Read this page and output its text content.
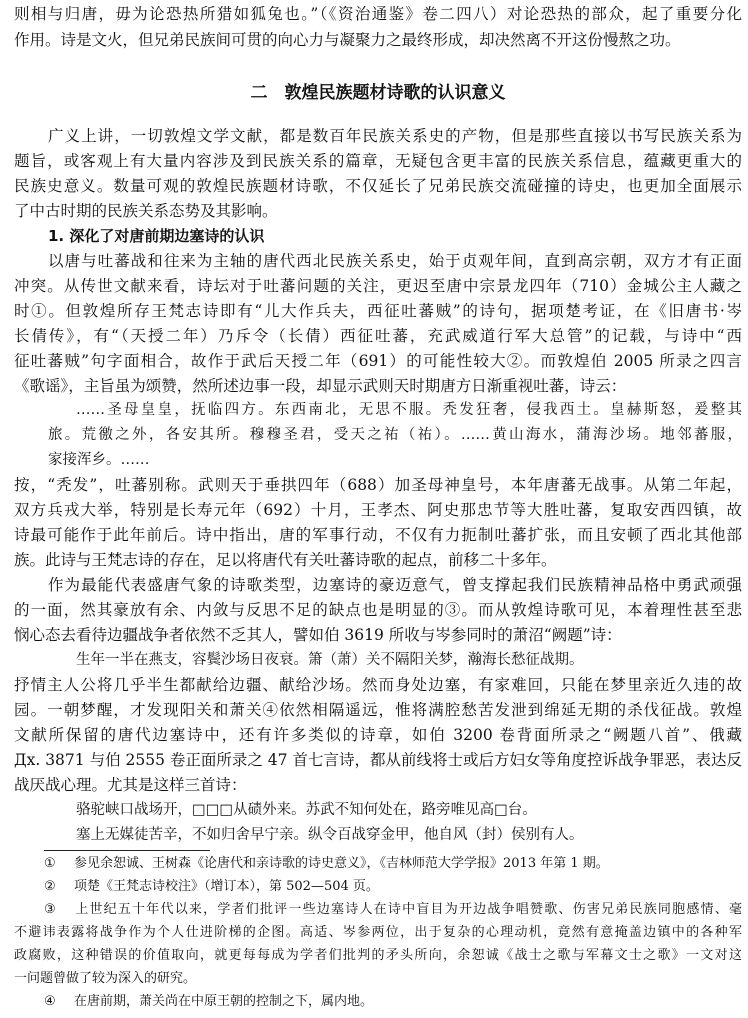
则相与归唐，毋为论恐热所猎如狐兔也。”（《资治通鉴》卷二四八）对论恐热的部众，起了重要分化
作用。诗是文火，但兄弟民族间可贯的向心力与凝聚力之最终形成，却决然离不开这份慢熬之功。
广义上讲，一切敦煌文学文献，都是数百年民族关系史的产物，但是那些直接以书写民族关系为
题旨，或客观上有大量内容涉及到民族关系的篇章，无疑包含更丰富的民族关系信息，蕴藏更重大的
民族史意义。数量可观的敦煌民族题材诗歌，不仅延长了兄弟民族交流碰撞的诗史，也更加全面展示
了中古时期的民族关系态势及其影响。
以唐与吐蕃战和往来为主轴的唐代西北民族关系史，始于贞观年间，直到高宗朝，双方才有正面
冲突。从传世文献来看，诗坛对于吐蕃问题的关注，更迟至唐中宗景龙四年（710）金城公主人藏之
时①。但敦煌所存王梵志诗即有“儿大作兵夫，西征吐蕃贼”的诗句，据项楚考证，在《旧唐书·岑
长倩传》，有“（天授二年）乃斥令（长倩）西征吐蕃，充武威道行军大总管”的记载，与诗中“西
征吐蕃贼”句字面相合，故作于武后天授二年（691）的可能性较大②。而敦煌伯 2005 所录之四言
《歌谣》，主旨虽为颂赞，然所述边事一段，却显示武则天时期唐方日渐重视吐蕃，诗云：
……圣母皇皇，抚临四方。东西南北，无思不服。秃发狂奢，侵我西土。皇赫斯怒，爰整其
旅。荒徼之外，各安其所。穆穆圣君，受天之祐（祐）。……黄山海水，蒲海沙场。地邻蕃服，
家接浑乡。……
按，“秃发”，吐蕃别称。武则天于垂拱四年（688）加圣母神皇号，本年唐蕃无战事。从第二年起，
双方兵戎大举，特别是长寿元年（692）十月，王孝杰、阿史那忠节等大胜吐蕃，复取安西四镇，故
诗最可能作于此年前后。诗中指出，唐的军事行动，不仅有力扼制吐蕃扩张，而且安顿了西北其他部
族。此诗与王梵志诗的存在，足以将唐代有关吐蕃诗歌的起点，前移二十多年。
作为最能代表盛唐气象的诗歌类型，边塞诗的豪迈意气，曾支撑起我们民族精神品格中勇武顽强
的一面，然其豪放有余、内敛与反思不足的缺点也是明显的③。而从敦煌诗歌可见，本着理性甚至悲
悯心态去看待边疆战争者依然不乏其人，譬如伯 3619 所收与岑参同时的萧沼“阙题”诗：
生年一半在燕支，容鬓沙场日夜衰。箫（萧）关不隔阳关梦，瀚海长愁征战期。
抒情主人公将几乎半生都献给边疆、献给沙场。然而身处边塞，有家难回，只能在梦里亲近久违的故
园。一朝梦醒，才发现阳关和萧关④依然相隔遥远，惟将满腔愁苦发泄到绵延无期的杀伐征战。敦煌
文献所保留的唐代边塞诗中，还有许多类似的诗章，如伯 3200 卷背面所录之“阙题八首”、俄藏
Дх. 3871 与伯 2555 卷正面所录之 47 首七言诗，都从前线将士或后方妇女等角度控诉战争罪恶，表达反
战厌战心理。尤其是这样三首诗：
骆驼峡口战场开，□□□从碛外来。苏武不知何处在，路旁唯见高□台。
塞上无媒徒苦辛，不如归舍早宁亲。纵令百战穿金甲，他自风（封）侯别有人。
二　敦煌民族题材诗歌的认识意义
1. 深化了对唐前期边塞诗的认识
① 参见余恕诚、王树森《论唐代和亲诗歌的诗史意义》，《吉林师范大学学报》2013 年第 1 期。
② 项楚《王梵志诗校注》（增订本），第 502—504 页。
③ 上世纪五十年代以来，学者们批评一些边塞诗人在诗中盲目为开边战争唱赞歌、伤害兄弟民族同胞感情、毫
不避讳表露将战争作为个人仕进阶梯的企图。高适、岑参两位，出于复杂的心理动机，竟然有意掩盖边镇中的各种军
政腐败，这种错误的价值取向，就更每每成为学者们批判的矛头所向，余恕诚《战士之歌与军幕文士之歌》一文对这
一问题曾做了较为深入的研究。
④ 在唐前期，萧关尚在中原王朝的控制之下，属内地。
